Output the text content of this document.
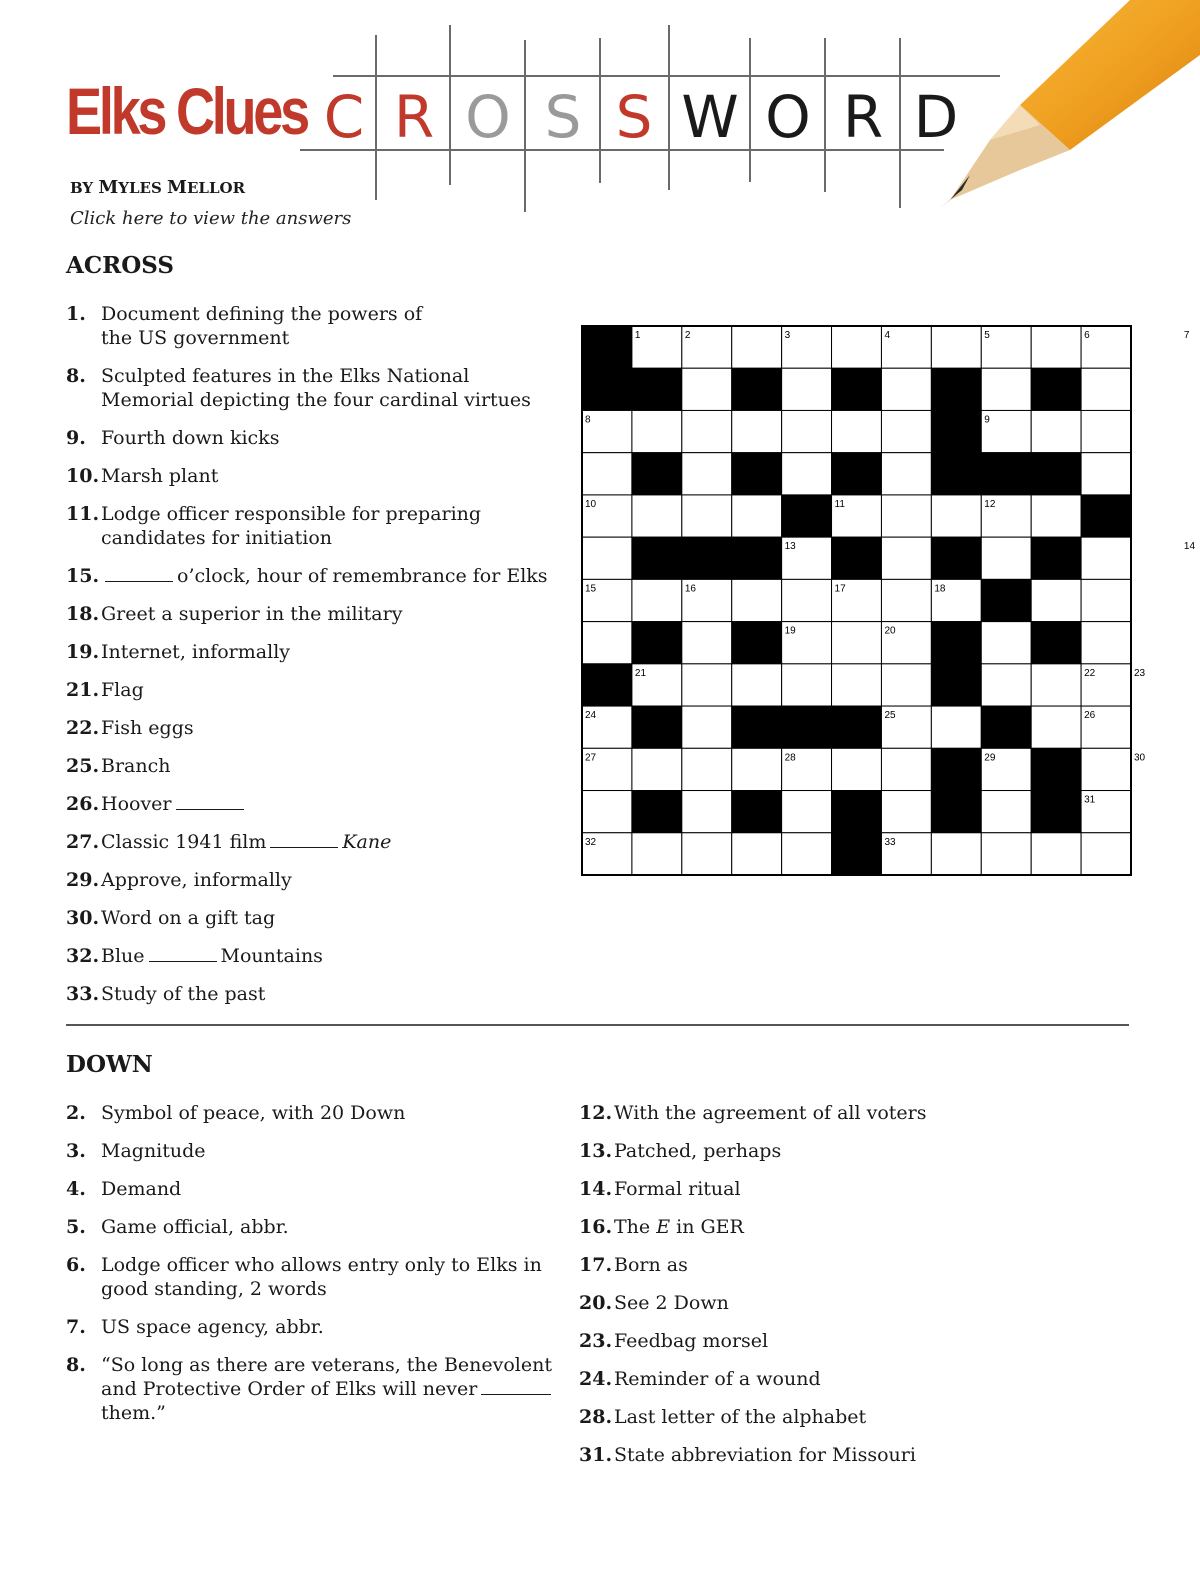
Elks Clues C R O S S W O R D
BY MYLES MELLOR
Click here to view the answers
ACROSS
1. Document defining the powers of
the US government
8. Sculpted features in the Elks National
Memorial depicting the four cardinal virtues
9. Fourth down kicks
10. Marsh plant
11. Lodge officer responsible for preparing
candidates for initiation
15.	o’clock, hour of remembrance for Elks
18. Greet a superior in the military
19. Internet, informally
21. Flag
22. Fish eggs
25. Branch
26. Hoover
27. Classic 1941 film	Kane
29. Approve, informally
30. Word on a gift tag
32. Blue	Mountains
33. Study of the past
1	2	3	4	5	6	7
8	9
10	11	12
13	14
15	16	17	18
19	20
21	22	23
24	25	26
27	28	29	30
31
32	33
DOWN
2. Symbol of peace, with 20 Down
3. Magnitude
4. Demand
5. Game official, abbr.
6. Lodge officer who allows entry only to Elks in
good standing, 2 words
7. US space agency, abbr.
8. “So long as there are veterans, the Benevolent
and Protective Order of Elks will never
them.”
12. With the agreement of all voters
13. Patched, perhaps
14. Formal ritual
16. The E in GER
17. Born as
20. See 2 Down
23. Feedbag morsel
24. Reminder of a wound
28. Last letter of the alphabet
31. State abbreviation for Missouri
